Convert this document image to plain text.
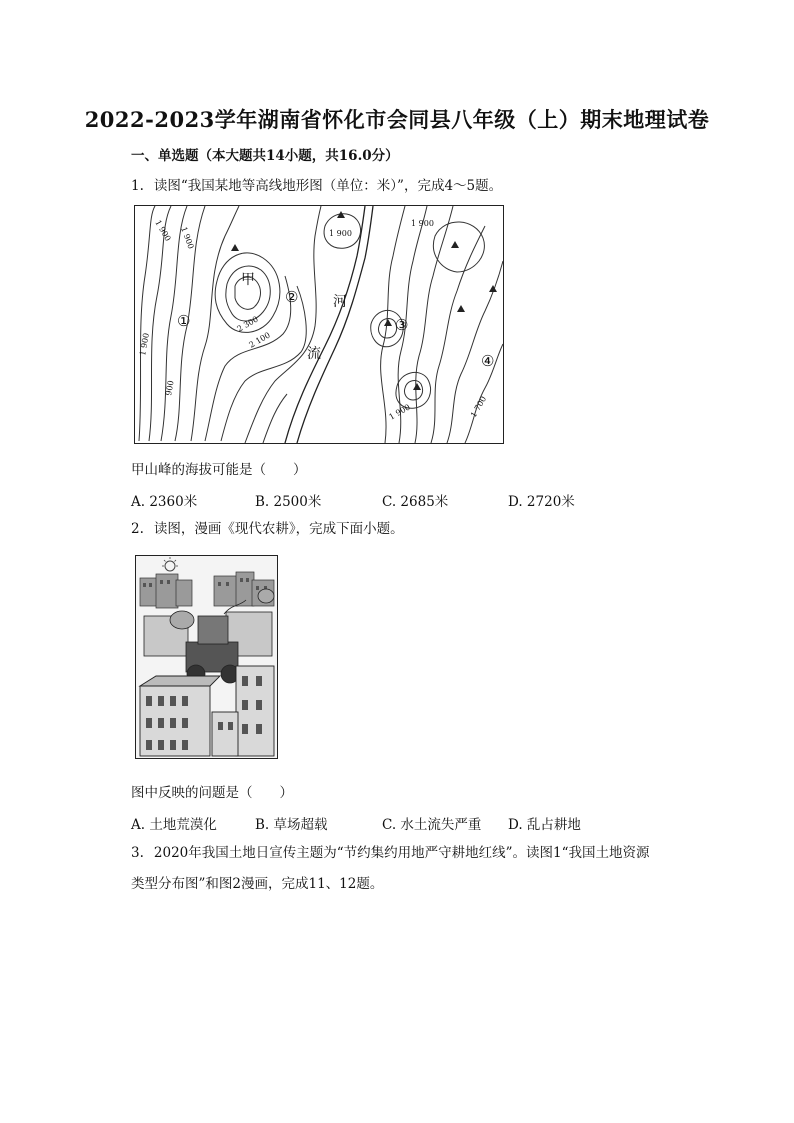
2022-2023学年湖南省怀化市会同县八年级（上）期末地理试卷
一、单选题（本大题共14小题，共16.0分）
1. 读图“我国某地等高线地形图（单位：米）”，完成4～5题。
甲
河
流
①
②
③
④
1 900
1 900
1 900 1 900
1 900
1 900
2 300
2 100
1 700
900
甲山峰的海拔可能是（　　）
A. 2360米	B. 2500米	C. 2685米	D. 2720米
2. 读图，漫画《现代农耕》，完成下面小题。
图中反映的问题是（　　）
A. 土地荒漠化	B. 草场超载	C. 水土流失严重 D. 乱占耕地
3. 2020年我国土地日宣传主题为“节约集约用地严守耕地红线”。读图1“我国土地资源
类型分布图”和图2漫画，完成11、12题。
